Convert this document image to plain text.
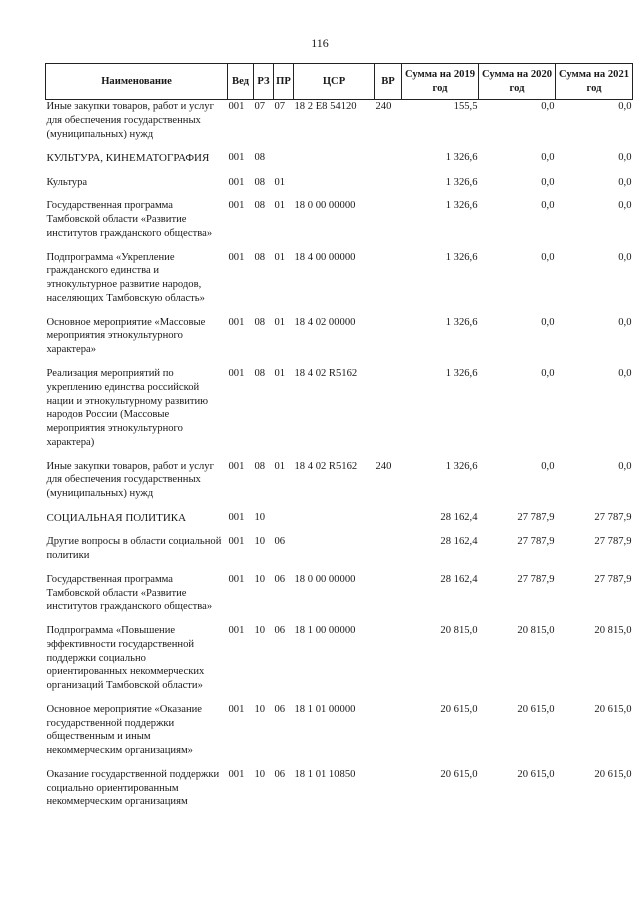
116
Наименование	Вед	РЗ	ПР	ЦСР	ВР	Сумма на 2019 год	Сумма на 2020 год	Сумма на 2021 год
Иные закупки товаров, работ и услуг для обеспечения государственных (муниципальных) нужд	001	07	07	18 2 E8 54120	240	155,5	0,0	0,0
КУЛЬТУРА, КИНЕМАТОГРАФИЯ	001	08				1 326,6	0,0	0,0
Культура	001	08	01			1 326,6	0,0	0,0
Государственная программа Тамбовской области «Развитие институтов гражданского общества»	001	08	01	18 0 00 00000		1 326,6	0,0	0,0
Подпрограмма «Укрепление гражданского единства и этнокультурное развитие народов, населяющих Тамбовскую область»	001	08	01	18 4 00 00000		1 326,6	0,0	0,0
Основное мероприятие «Массовые мероприятия этнокультурного характера»	001	08	01	18 4 02 00000		1 326,6	0,0	0,0
Реализация мероприятий по укреплению единства российской нации и этнокультурному развитию народов России (Массовые мероприятия этнокультурного характера)	001	08	01	18 4 02 R5162		1 326,6	0,0	0,0
Иные закупки товаров, работ и услуг для обеспечения государственных (муниципальных) нужд	001	08	01	18 4 02 R5162	240	1 326,6	0,0	0,0
СОЦИАЛЬНАЯ ПОЛИТИКА	001	10				28 162,4	27 787,9	27 787,9
Другие вопросы в области социальной политики	001	10	06			28 162,4	27 787,9	27 787,9
Государственная программа Тамбовской области «Развитие институтов гражданского общества»	001	10	06	18 0 00 00000		28 162,4	27 787,9	27 787,9
Подпрограмма «Повышение эффективности государственной поддержки социально ориентированных некоммерческих организаций Тамбовской области»	001	10	06	18 1 00 00000		20 815,0	20 815,0	20 815,0
Основное мероприятие «Оказание государственной поддержки общественным и иным некоммерческим организациям»	001	10	06	18 1 01 00000		20 615,0	20 615,0	20 615,0
Оказание государственной поддержки социально ориентированным некоммерческим организациям	001	10	06	18 1 01 10850		20 615,0	20 615,0	20 615,0
